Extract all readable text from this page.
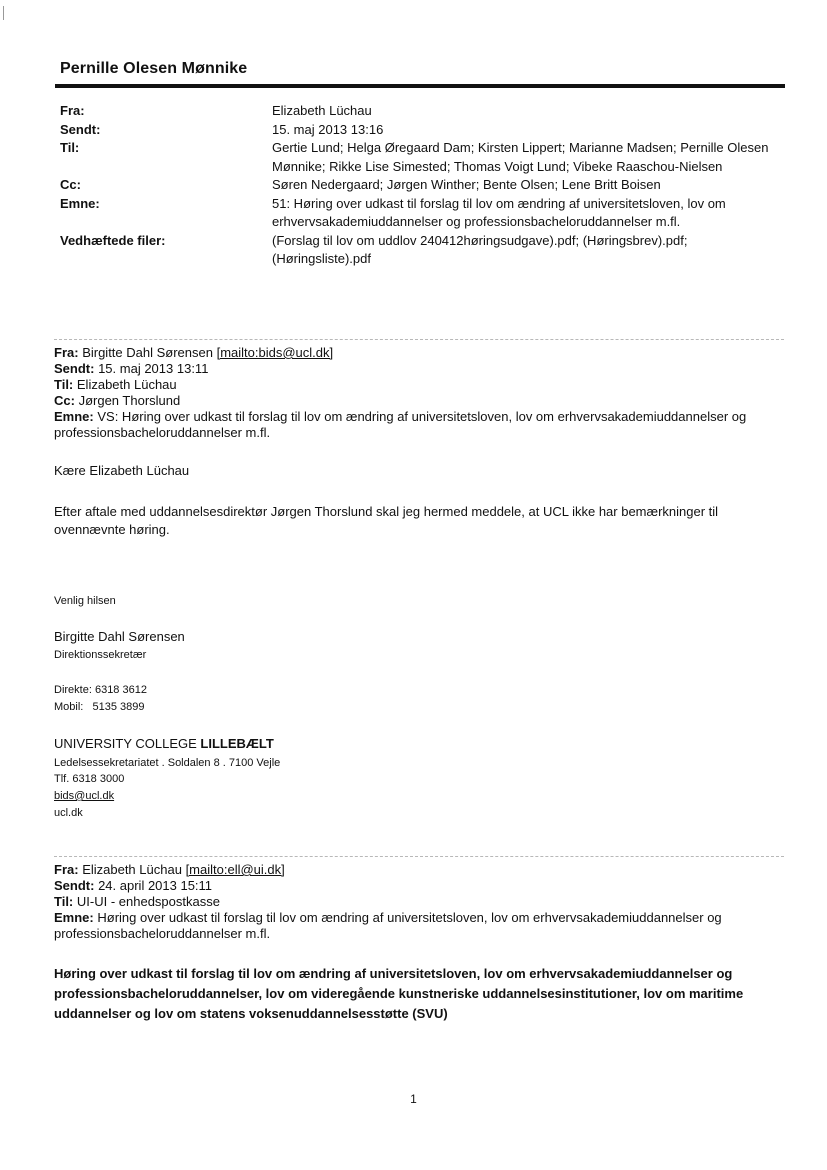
Pernille Olesen Mønnike
Fra:	Elizabeth Lüchau
Sendt:	15. maj 2013 13:16
Til:	Gertie Lund; Helga Øregaard Dam; Kirsten Lippert; Marianne Madsen; Pernille Olesen Mønnike; Rikke Lise Simested; Thomas Voigt Lund; Vibeke Raaschou-Nielsen
Cc:	Søren Nedergaard; Jørgen Winther; Bente Olsen; Lene Britt Boisen
Emne:	51: Høring over udkast til forslag til lov om ændring af universitetsloven, lov om erhvervsakademiuddannelser og professionsbacheloruddannelser m.fl.
Vedhæftede filer:	(Forslag til lov om uddlov 240412høringsudgave).pdf; (Høringsbrev).pdf; (Høringsliste).pdf
Fra: Birgitte Dahl Sørensen [mailto:bids@ucl.dk]
Sendt: 15. maj 2013 13:11
Til: Elizabeth Lüchau
Cc: Jørgen Thorslund
Emne: VS: Høring over udkast til forslag til lov om ændring af universitetsloven, lov om erhvervsakademiuddannelser og professionsbacheloruddannelser m.fl.
Kære Elizabeth Lüchau
Efter aftale med uddannelsesdirektør Jørgen Thorslund skal jeg hermed meddele, at UCL ikke har bemærkninger til ovennævnte høring.
Venlig hilsen
Birgitte Dahl Sørensen
Direktionssekretær
Direkte: 6318 3612
Mobil:   5135 3899
UNIVERSITY COLLEGE LILLEBÆLT
Ledelsessekretariatet . Soldalen 8 . 7100 Vejle
Tlf. 6318 3000
bids@ucl.dk
ucl.dk
Fra: Elizabeth Lüchau [mailto:ell@ui.dk]
Sendt: 24. april 2013 15:11
Til: UI-UI - enhedspostkasse
Emne: Høring over udkast til forslag til lov om ændring af universitetsloven, lov om erhvervsakademiuddannelser og professionsbacheloruddannelser m.fl.
Høring over udkast til forslag til lov om ændring af universitetsloven, lov om erhvervsakademiuddannelser og professionsbacheloruddannelser, lov om videregående kunstneriske uddannelsesinstitutioner, lov om maritime uddannelser og lov om statens voksenuddannelsesstøtte (SVU)
1
